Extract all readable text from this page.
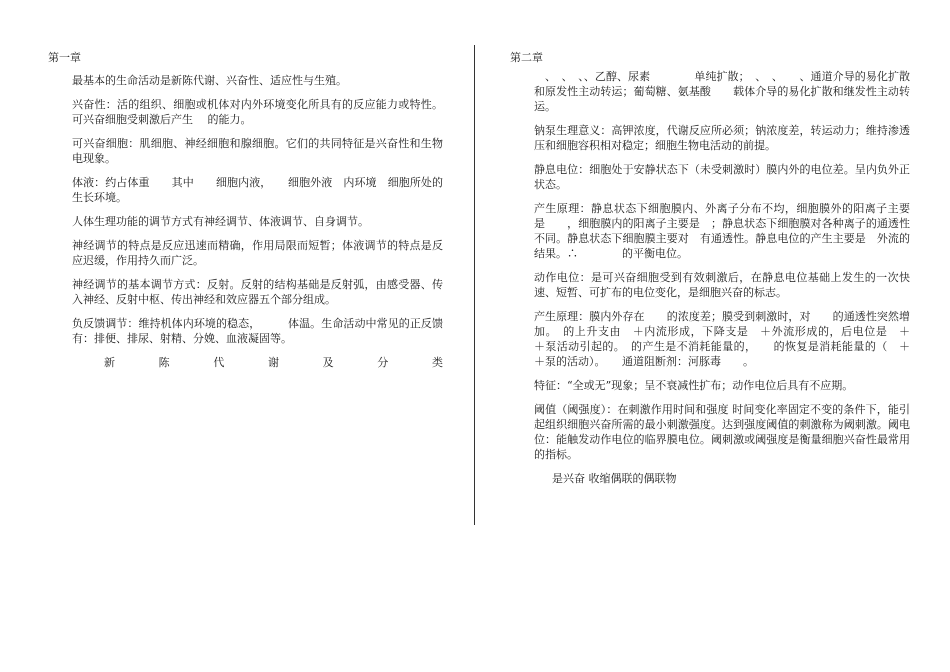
第一章

最基本的生命活动是新陈代谢、兴奋性、适应性与生殖。

兴奋性：活的组织、细胞或机体对内外环境变化所具有的反应能力或特性。可兴奋细胞受刺激后产生　 的能力。

可兴奋细胞：肌细胞、神经细胞和腺细胞。它们的共同特征是兴奋性和生物电现象。

体液：约占体重　　其中　　细胞内液，　　细胞外液　内环境　细胞所处的生长环境。

人体生理功能的调节方式有神经调节、体液调节、自身调节。

神经调节的特点是反应迅速而精确，作用局限而短暂；体液调节的特点是反应迟缓，作用持久而广泛。

神经调节的基本调节方式：反射。反射的结构基础是反射弧，由感受器、传入神经、反射中枢、传出神经和效应器五个部分组成。

负反馈调节：维持机体内环境的稳态，　　　体温。生命活动中常见的正反馈有：排便、排尿、射精、分娩、血液凝固等。

新	陈	代	谢	及	分	类
第二章

　、　、　、、乙醇、尿素　　　　单纯扩散；　、　、　　、通道介导的易化扩散和原发性主动转运；葡萄糖、氨基酸　　载体介导的易化扩散和继发性主动转运。

钠泵生理意义：高钾浓度，代谢反应所必须；钠浓度差，转运动力；维持渗透压和细胞容积相对稳定；细胞生物电活动的前提。

静息电位：细胞处于安静状态下（未受刺激时）膜内外的电位差。呈内负外正状态。

产生原理：静息状态下细胞膜内、外离子分布不均，细胞膜外的阳离子主要是　　，细胞膜内的阳离子主要是　；静息状态下细胞膜对各种离子的通透性不同。静息状态下细胞膜主要对　有通透性。静息电位的产生主要是　外流的结果。∴　　　　的平衡电位。

动作电位：是可兴奋细胞受到有效刺激后，在静息电位基础上发生的一次快速、短暂、可扩布的电位变化，是细胞兴奋的标志。

产生原理：膜内外存在　　的浓度差；膜受到刺激时，对　　的通透性突然增加。　的上升支由　＋内流形成，下降支是　＋外流形成的，后电位是　＋　＋泵活动引起的。　的产生是不消耗能量的，　　的恢复是消耗能量的（　＋　＋泵的活动）。　　通道阻断剂：河豚毒　　。

特征：“全或无”现象；呈不衰减性扩布；动作电位后具有不应期。

阈值（阈强度）：在刺激作用时间和强度 时间变化率固定不变的条件下，能引起组织细胞兴奋所需的最小刺激强度。达到强度阈值的刺激称为阈刺激。阈电位：能触发动作电位的临界膜电位。阈刺激或阈强度是衡量细胞兴奋性最常用的指标。

是兴奋 收缩偶联的偶联物
